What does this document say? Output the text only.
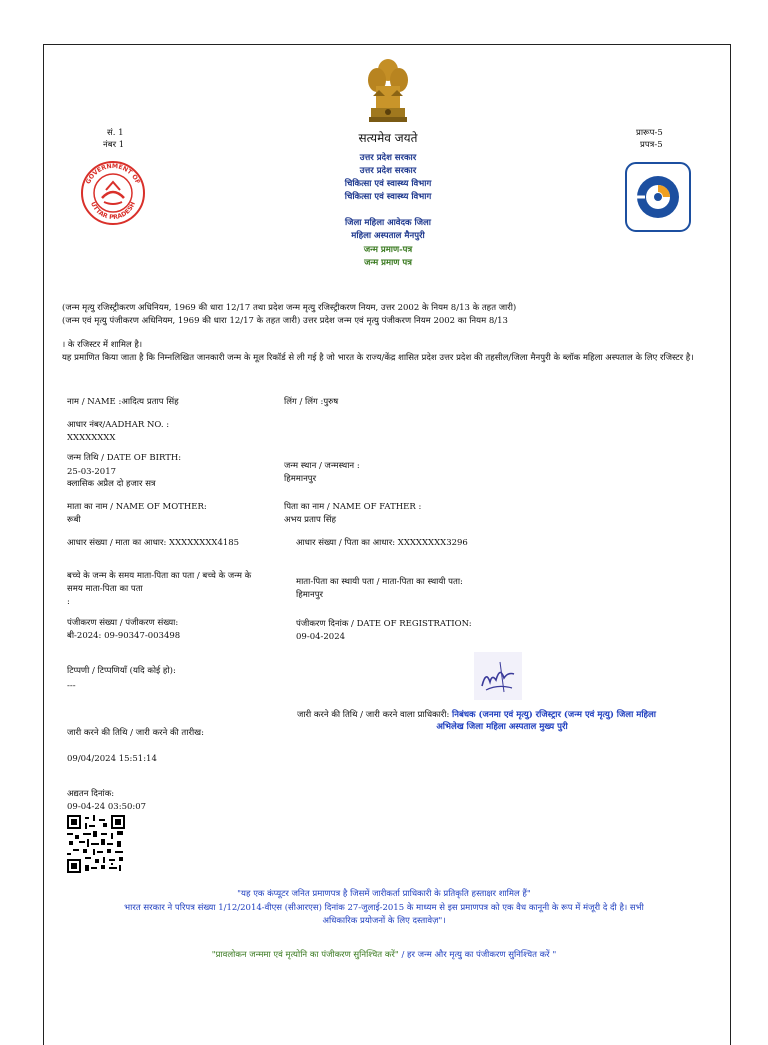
सं. 1
नंबर 1
प्रारूप-5
प्रपत्र-5
सत्यमेव जयते
उत्तर प्रदेश सरकार
उत्तर प्रदेश सरकार
चिकित्सा एवं स्वास्थ्य विभाग
चिकित्सा एवं स्वास्थ्य विभाग
जिला महिला आवेदक जिला
महिला अस्पताल मैनपुरी
जन्म प्रमाण-पत्र
जन्म प्रमाण पत्र
GOVERNMENT OF
UTTAR PRADESH
(जन्म मृत्यु रजिस्ट्रीकरण अधिनियम, 1969 की धारा 12/17 तथा प्रदेश जन्म मृत्यु रजिस्ट्रीकरण नियम, उत्तर 2002 के नियम 8/13 के तहत जारी)
(जन्म एवं मृत्यु पंजीकरण अधिनियम, 1969 की धारा 12/17 के तहत जारी) उत्तर प्रदेश जन्म एवं मृत्यु पंजीकरण नियम 2002 का नियम 8/13
। के रजिस्टर में शामिल है।
यह प्रमाणित किया जाता है कि निम्नलिखित जानकारी जन्म के मूल रिकॉर्ड से ली गई है जो भारत के राज्य/केंद्र शासित प्रदेश उत्तर प्रदेश की तहसील/जिला मैनपुरी के ब्लॉक महिला अस्पताल के लिए रजिस्टर है।
नाम / NAME :आदित्य प्रताप सिंह	लिंग / लिंग :पुरुष
आधार नंबर/AADHAR NO. :
XXXXXXXX
जन्म तिथि / DATE OF BIRTH:
25-03-2017
क्लासिक अप्रैल दो हजार सत्र
जन्म स्थान / जन्मस्थान :
हिममानपुर
माता का नाम / NAME OF MOTHER:
रूबी
पिता का नाम / NAME OF FATHER :
अभय प्रताप सिंह
आधार संख्या / माता का आधार: XXXXXXXX4185	आधार संख्या / पिता का आधार: XXXXXXXX3296
बच्चे के जन्म के समय माता-पिता का पता / बच्चे के जन्म के
समय माता-पिता का पता
:
माता-पिता का स्थायी पता / माता-पिता का स्थायी पता:
हिमानपुर
पंजीकरण संख्या / पंजीकरण संख्या:
बी-2024: 09-90347-003498
पंजीकरण दिनांक / DATE OF REGISTRATION:
09-04-2024
टिप्पणी / टिप्पणियाँ (यदि कोई हो):
---
जारी करने की तिथि / जारी करने वाला प्राधिकारी: निबंधक (जनमा एवं मृत्यु) रजिस्ट्रार (जन्म एवं मृत्यु) जिला महिला
अभिलेख जिला महिला अस्पताल मुख्य पुरी
जारी करने की तिथि / जारी करने की तारीख:
09/04/2024 15:51:14
अद्यतन दिनांक:
09-04-24 03:50:07
"यह एक कंप्यूटर जनित प्रमाणपत्र है जिसमें जारीकर्ता प्राधिकारी के प्रतिकृति हस्ताक्षर शामिल हैं"
भारत सरकार ने परिपत्र संख्या 1/12/2014-वीएस (सीआरएस) दिनांक 27-जुलाई-2015 के माध्यम से इस प्रमाणपत्र को एक वैध कानूनी के रूप में मंजूरी दे दी है। सभी
अधिकारिक प्रयोजनों के लिए दस्तावेज़"।
"प्रावलोकन जन्ममा एवं मृत्योनि का पंजीकरण सुनिश्चित करें" / हर जन्म और मृत्यु का पंजीकरण सुनिश्चित करें "
